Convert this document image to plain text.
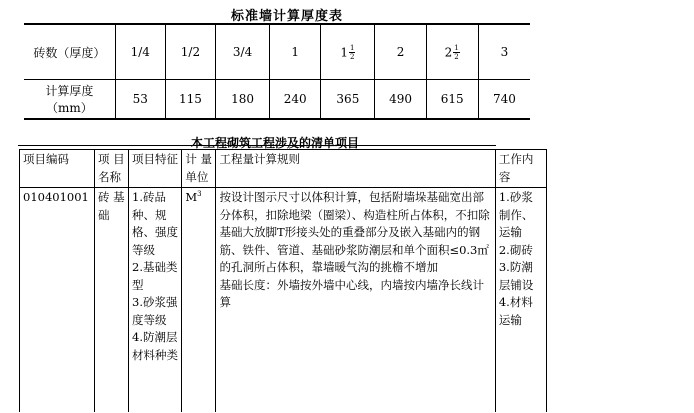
标准墙计算厚度表
砖数（厚度）	1/4	1/2	3/4	1	$1 \frac{1}{2}$	2	$2 \frac{1}{2}$	3
计算厚度
（mm）	53	115	180	240	365	490	615	740
本工程砌筑工程涉及的清单项目
项目编码	项 目名称	项目特征	计 量单位	工程量计算规则	工作内容
010401001	砖 基础	1.砖品种、规格、强度等级
2.基础类型
3.砂浆强度等级
4.防潮层材料种类	$M^3$	按设计图示尺寸以体积计算，包括附墙垛基础宽出部分体积，扣除地梁（圈梁）、构造柱所占体积，不扣除基础大放脚T形接头处的重叠部分及嵌入基础内的钢筋、铁件、管道、基础砂浆防潮层和单个面积≤0.3㎡的孔洞所占体积，靠墙暖气沟的挑檐不增加
基础长度：外墙按外墙中心线，内墙按内墙净长线计算	1.砂浆制作、运输
2.砌砖
3.防潮层铺设
4.材料运输
